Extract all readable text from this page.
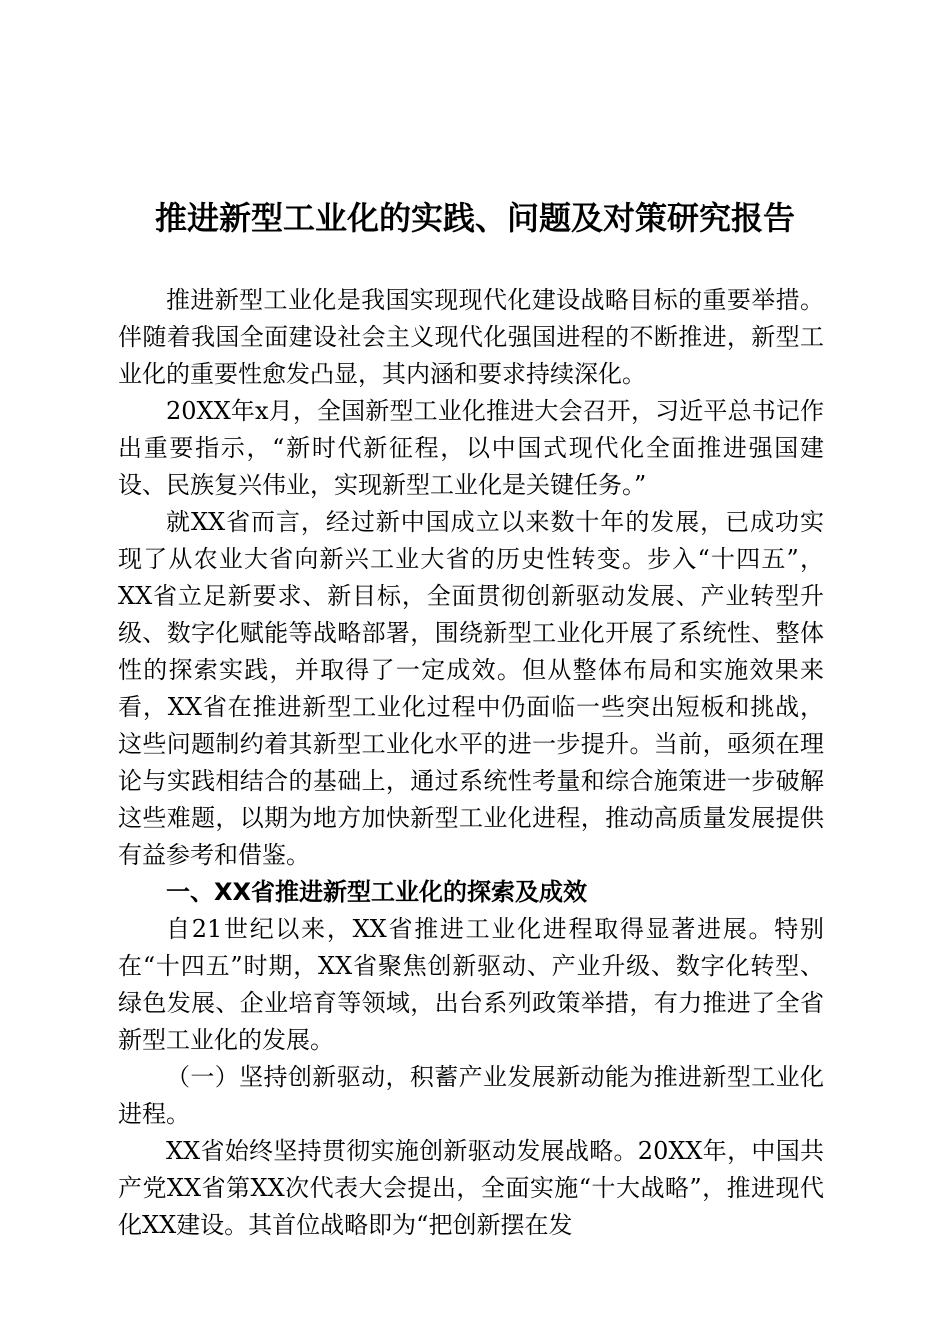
推进新型工业化的实践、问题及对策研究报告

推进新型工业化是我国实现现代化建设战略目标的重要举措。伴随着我国全面建设社会主义现代化强国进程的不断推进，新型工业化的重要性愈发凸显，其内涵和要求持续深化。

20XX年x月，全国新型工业化推进大会召开，习近平总书记作出重要指示，“新时代新征程，以中国式现代化全面推进强国建设、民族复兴伟业，实现新型工业化是关键任务。”

就XX省而言，经过新中国成立以来数十年的发展，已成功实现了从农业大省向新兴工业大省的历史性转变。步入“十四五”，XX省立足新要求、新目标，全面贯彻创新驱动发展、产业转型升级、数字化赋能等战略部署，围绕新型工业化开展了系统性、整体性的探索实践，并取得了一定成效。但从整体布局和实施效果来看，XX省在推进新型工业化过程中仍面临一些突出短板和挑战，这些问题制约着其新型工业化水平的进一步提升。当前，亟须在理论与实践相结合的基础上，通过系统性考量和综合施策进一步破解这些难题，以期为地方加快新型工业化进程，推动高质量发展提供有益参考和借鉴。

一、XX省推进新型工业化的探索及成效

自21世纪以来，XX省推进工业化进程取得显著进展。特别在“十四五”时期，XX省聚焦创新驱动、产业升级、数字化转型、绿色发展、企业培育等领域，出台系列政策举措，有力推进了全省新型工业化的发展。

（一）坚持创新驱动，积蓄产业发展新动能为推进新型工业化进程。

XX省始终坚持贯彻实施创新驱动发展战略。20XX年，中国共产党XX省第XX次代表大会提出，全面实施“十大战略”，推进现代化XX建设。其首位战略即为“把创新摆在发
